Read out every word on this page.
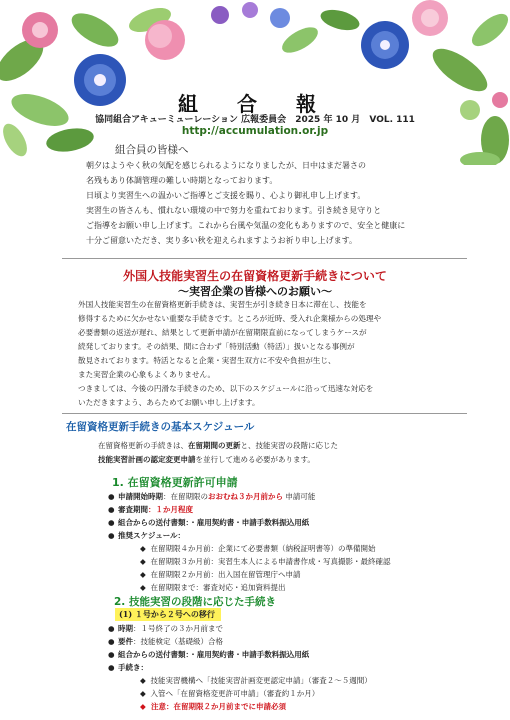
組 合 報
協同組合アキューミューレーション 広報委員会 2025 年 10 月 VOL. 111
http://accumulation.or.jp
組合員の皆様へ
朝夕はようやく秋の気配を感じられるようになりましたが、日中はまだ暑さの
名残もあり体調管理の難しい時期となっております。
日頃より実習生への温かいご指導とご支援を賜り、心より御礼申し上げます。
実習生の皆さんも、慣れない環境の中で努力を重ねております。引き続き見守りと
ご指導をお願い申し上げます。これから台風や気温の変化もありますので、安全と健康に
十分ご留意いただき、実り多い秋を迎えられますようお祈り申し上げます。
外国人技能実習生の在留資格更新手続きについて
〜実習企業の皆様へのお願い〜
外国人技能実習生の在留資格更新手続きは、実習生が引き続き日本に滞在し、技能を
修得するために欠かせない重要な手続きです。ところが近時、受入れ企業様からの処理や
必要書類の返送が遅れ、結果として更新申請が在留期限直前になってしまうケースが
続発しております。その結果、間に合わず「特別活動（特活）」扱いとなる事例が
散見されております。特活となると企業・実習生双方に不安や負担が生じ、
また実習企業の心象もよくありません。
つきましては、今後の円滑な手続きのため、以下のスケジュールに沿って迅速な対応を
いただきますよう、あらためてお願い申し上げます。
在留資格更新手続きの基本スケジュール
在留資格更新の手続きは、在留期間の更新と、技能実習の段階に応じた
技能実習計画の認定変更申請を並行して進める必要があります。
1. 在留資格更新許可申請
● 申請開始時期：在留期限のおおむね３か月前から 申請可能
● 審査期間：１か月程度
● 組合からの送付書類：・雇用契約書・申請手数料振込用紙
● 推奨スケジュール：
◆  在留期限４か月前：企業にて必要書類（納税証明書等）の準備開始
◆  在留期限３か月前：実習生本人による申請書作成・写真撮影・最終確認
◆  在留期限２か月前：出入国在留管理庁へ申請
◆  在留期限まで：審査対応・追加資料提出
2. 技能実習の段階に応じた手続き
(1) １号から２号への移行
● 時期：１号終了の３か月前まで
● 要件：技能検定（基礎級）合格
● 組合からの送付書類：・雇用契約書・申請手数料振込用紙
● 手続き：
◆  技能実習機構へ「技能実習計画変更認定申請」（審査２〜５週間）
◆  入管へ「在留資格変更許可申請」（審査約１か月）
◆  注意：在留期限２か月前までに申請必須
